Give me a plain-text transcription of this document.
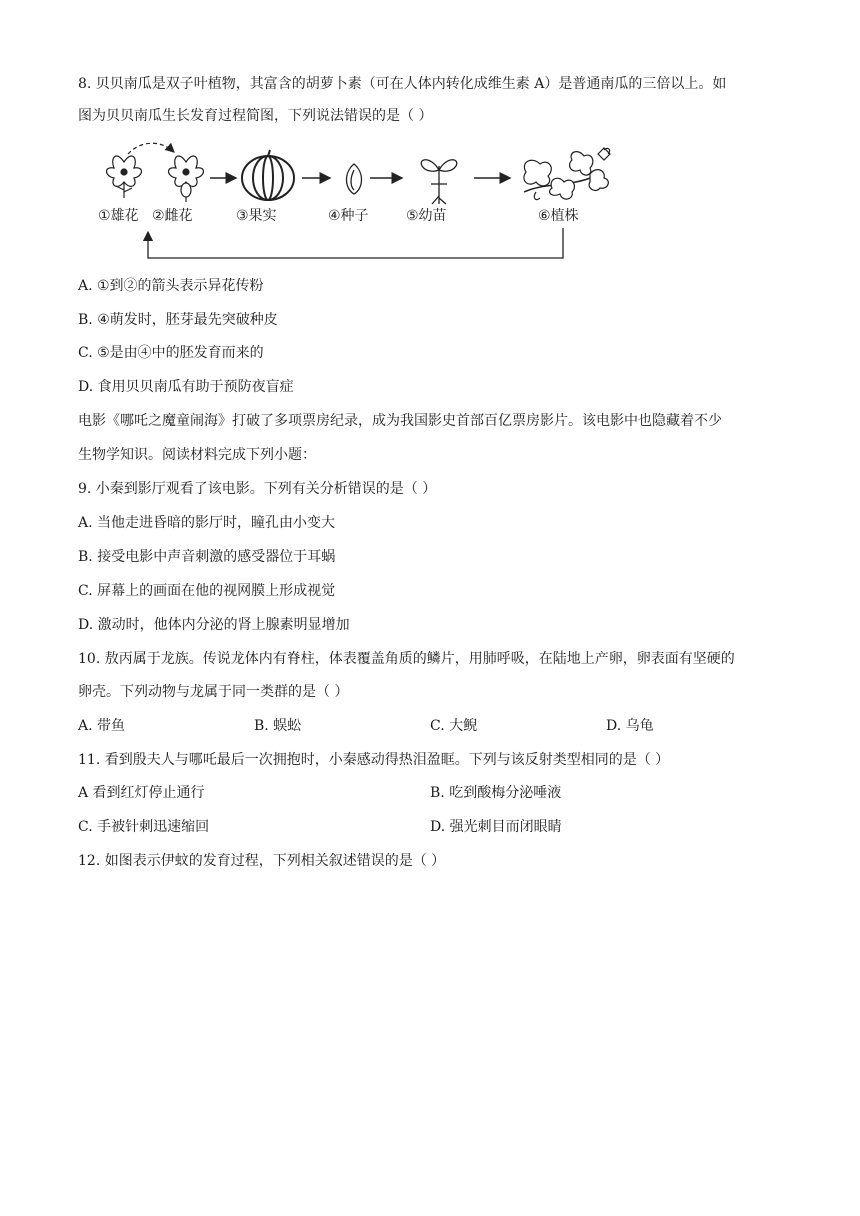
8. 贝贝南瓜是双子叶植物，其富含的胡萝卜素（可在人体内转化成维生素 A）是普通南瓜的三倍以上。如
图为贝贝南瓜生长发育过程简图，下列说法错误的是（ ）
①雄花 ②雌花	③果实	④种子	⑤幼苗	⑥植株
A. ①到②的箭头表示异花传粉
B. ④萌发时，胚芽最先突破种皮
C. ⑤是由④中的胚发育而来的
D. 食用贝贝南瓜有助于预防夜盲症
电影《哪吒之魔童闹海》打破了多项票房纪录，成为我国影史首部百亿票房影片。该电影中也隐藏着不少
生物学知识。阅读材料完成下列小题：
9. 小秦到影厅观看了该电影。下列有关分析错误的是（ ）
A. 当他走进昏暗的影厅时，瞳孔由小变大
B. 接受电影中声音刺激的感受器位于耳蜗
C. 屏幕上的画面在他的视网膜上形成视觉
D. 激动时，他体内分泌的肾上腺素明显增加
10. 敖丙属于龙族。传说龙体内有脊柱，体表覆盖角质的鳞片，用肺呼吸，在陆地上产卵，卵表面有坚硬的
卵壳。下列动物与龙属于同一类群的是（ ）
A. 带鱼	B. 蜈蚣	C. 大鲵	D. 乌龟
11. 看到殷夫人与哪吒最后一次拥抱时，小秦感动得热泪盈眶。下列与该反射类型相同的是（ ）
A 看到红灯停止通行	B. 吃到酸梅分泌唾液
C. 手被针刺迅速缩回	D. 强光刺目而闭眼睛
12. 如图表示伊蚊的发育过程，下列相关叙述错误的是（ ）
